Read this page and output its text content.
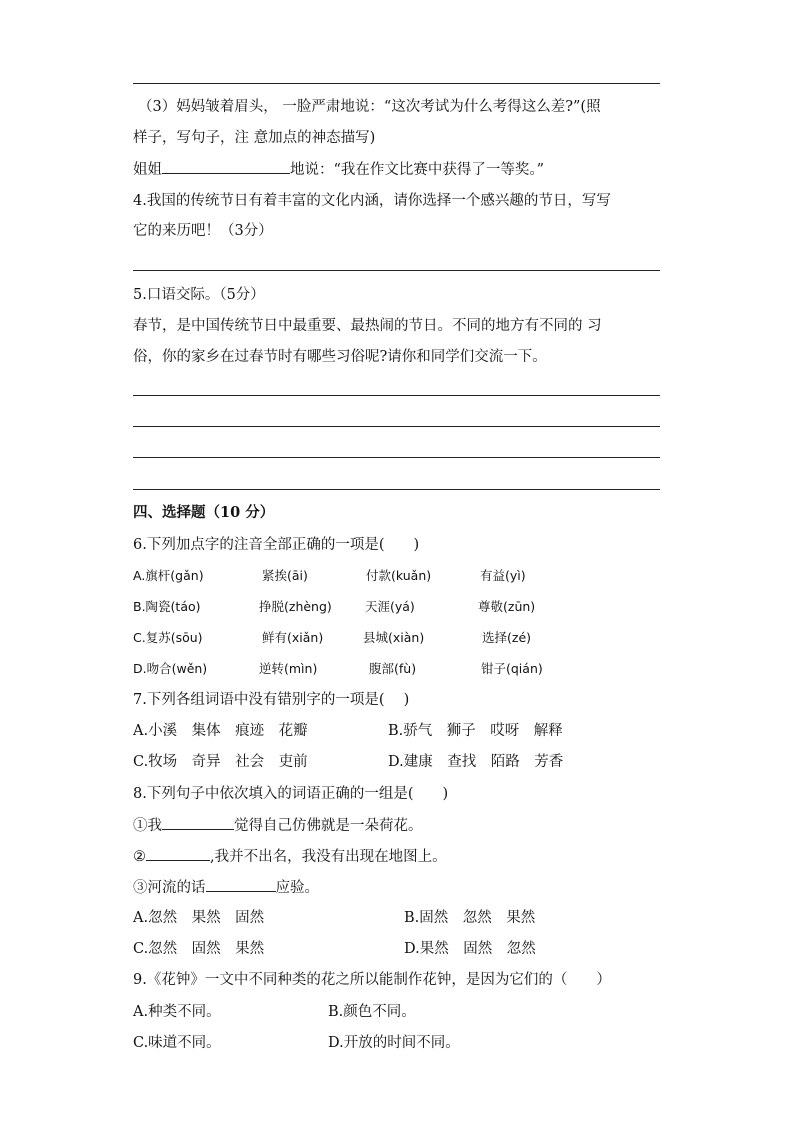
（3）妈妈皱着眉头， 一脸严肃地说：“这次考试为什么考得这么差?”(照
样子，写句子，注 意加点的神态描写)
姐姐	地说：“我在作文比赛中获得了一等奖。”
4.我国的传统节日有着丰富的文化内涵，请你选择一个感兴趣的节日，写写
它的来历吧！（3分）
5.口语交际。（5分）
春节，是中国传统节日中最重要、最热闹的节日。不同的地方有不同的 习
俗，你的家乡在过春节时有哪些习俗呢?请你和同学们交流一下。
四、选择题（10 分）
6.下列加点字的注音全部正确的一项是(　　)
A.旗杆(gǎn)	紧挨(āi)	付款(kuǎn)	有益(yì)
B.陶瓷(táo)	挣脱(zhèng)	天涯(yá)	尊敬(zūn)
C.复苏(sōu)	鲜有(xiǎn)	县城(xiàn)	选择(zé)
D.吻合(wěn)	逆转(mìn)	腹部(fù)	钳子(qián)
7.下列各组词语中没有错别字的一项是(　 )
A.小溪　集体　痕迹　花瓣	B.骄气　狮子　哎呀　解释
C.牧场　奇异　社会　吏前	D.建康　查找　陌路　芳香
8.下列句子中依次填入的词语正确的一组是(　　)
①我	觉得自己仿佛就是一朵荷花。
②	,我并不出名，我没有出现在地图上。
③河流的话	应验。
A.忽然　果然　固然	B.固然　忽然　果然
C.忽然　固然　果然	D.果然　固然　忽然
9.《花钟》一文中不同种类的花之所以能制作花钟，是因为它们的（　　）
A.种类不同。	B.颜色不同。
C.味道不同。	D.开放的时间不同。
